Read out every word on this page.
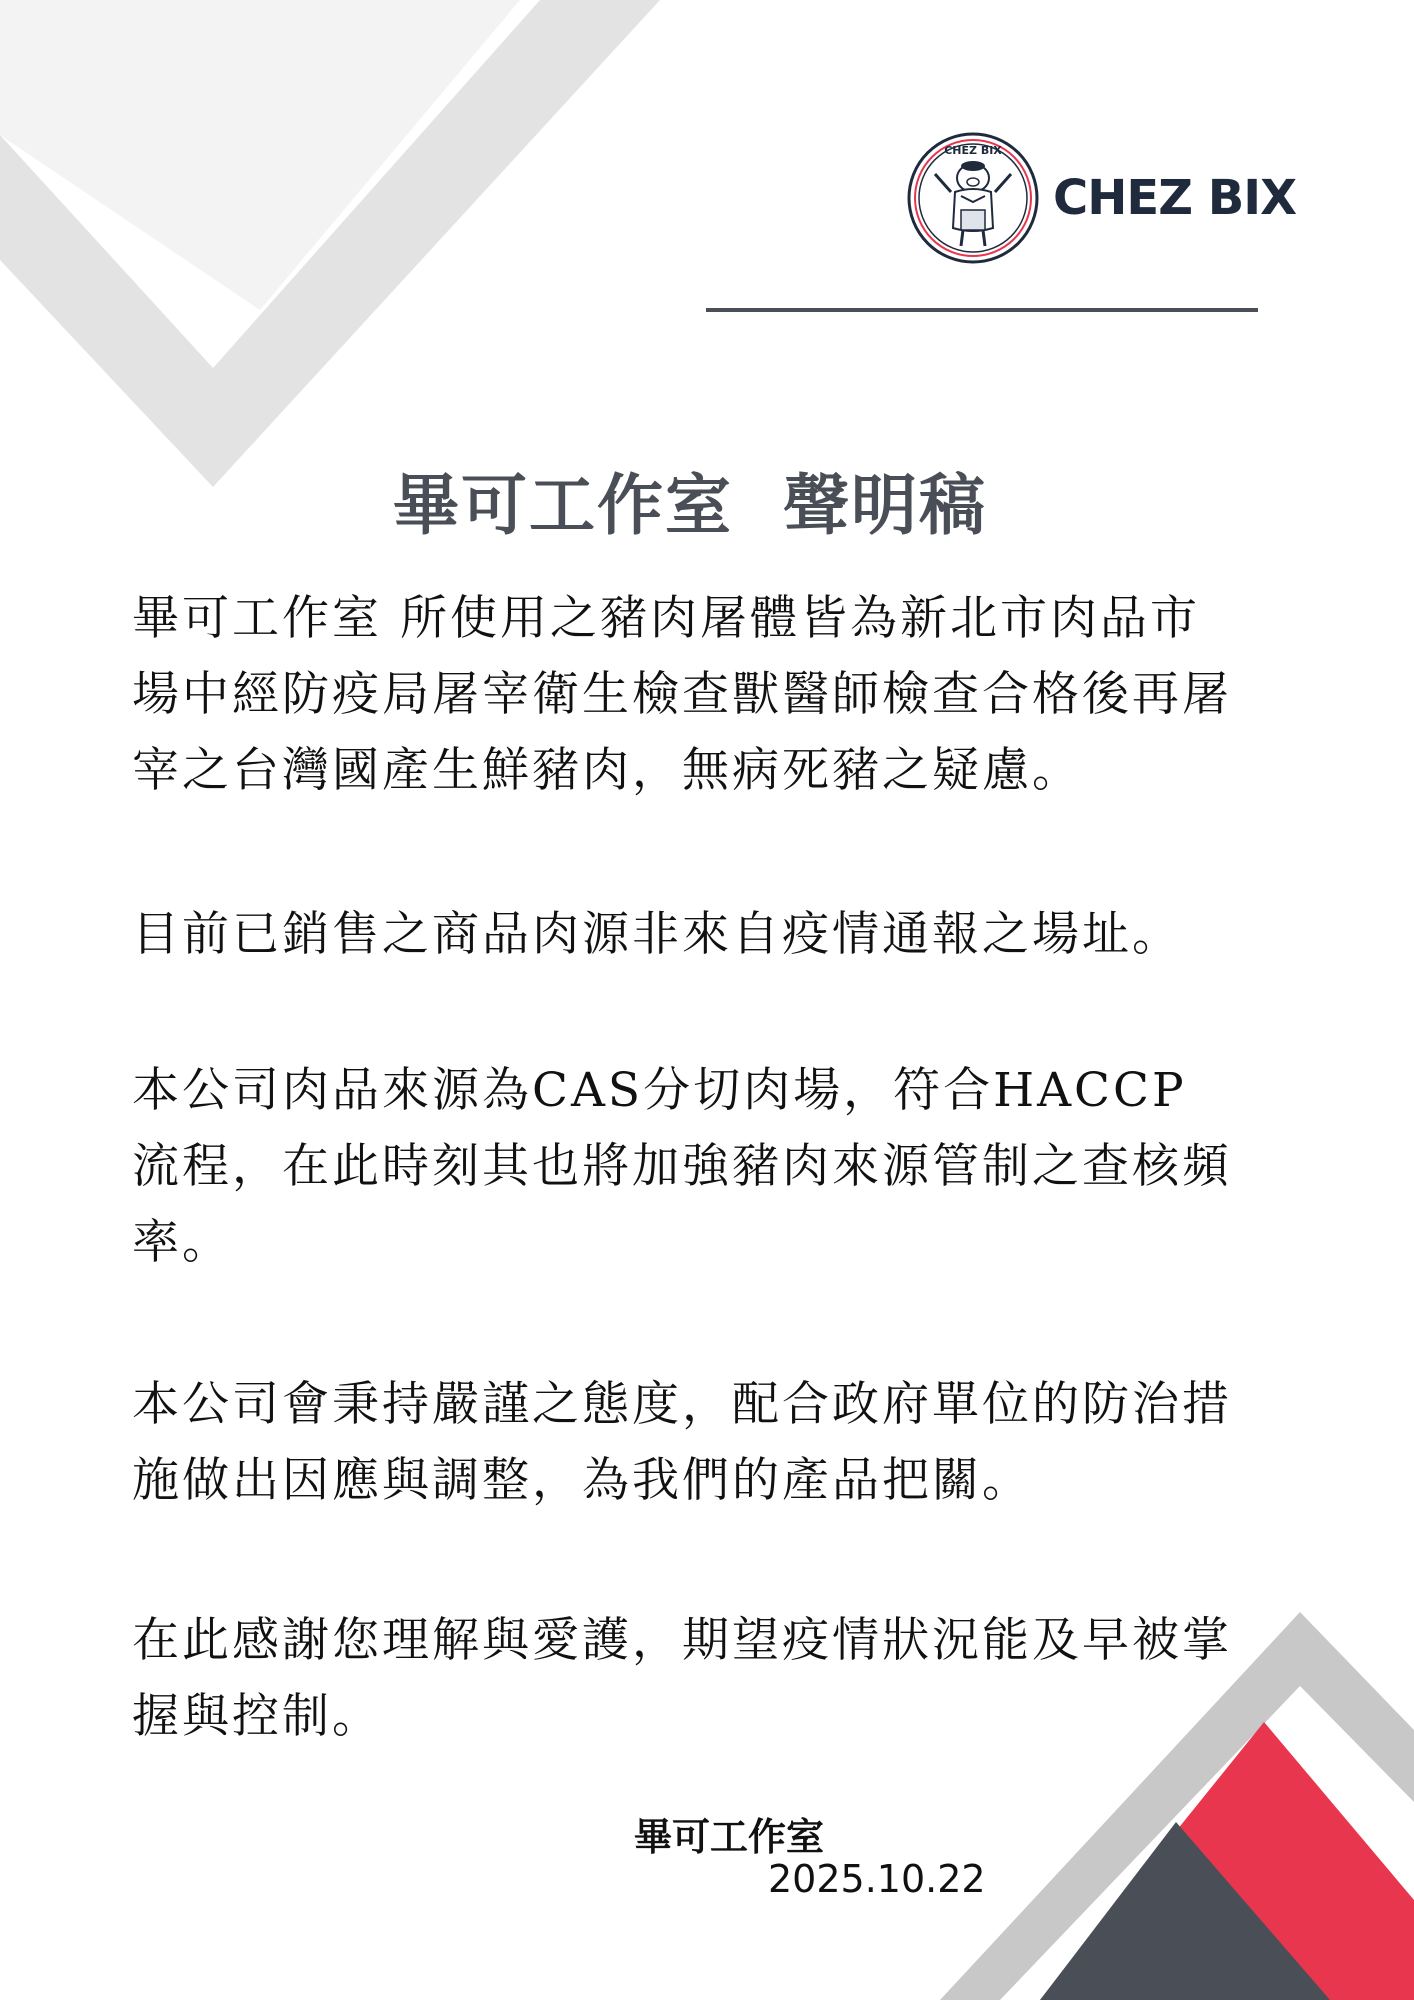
CHEZ BIX
CHEZ BIX
畢可工作室  聲明稿

畢可工作室 所使用之豬肉屠體皆為新北市肉品市場中經防疫局屠宰衛生檢查獸醫師檢查合格後再屠宰之台灣國產生鮮豬肉，無病死豬之疑慮。

目前已銷售之商品肉源非來自疫情通報之場址。

本公司肉品來源為CAS分切肉場，符合HACCP流程，在此時刻其也將加強豬肉來源管制之查核頻率。

本公司會秉持嚴謹之態度，配合政府單位的防治措施做出因應與調整，為我們的產品把關。

在此感謝您理解與愛護，期望疫情狀況能及早被掌握與控制。

畢可工作室
2025.10.22
